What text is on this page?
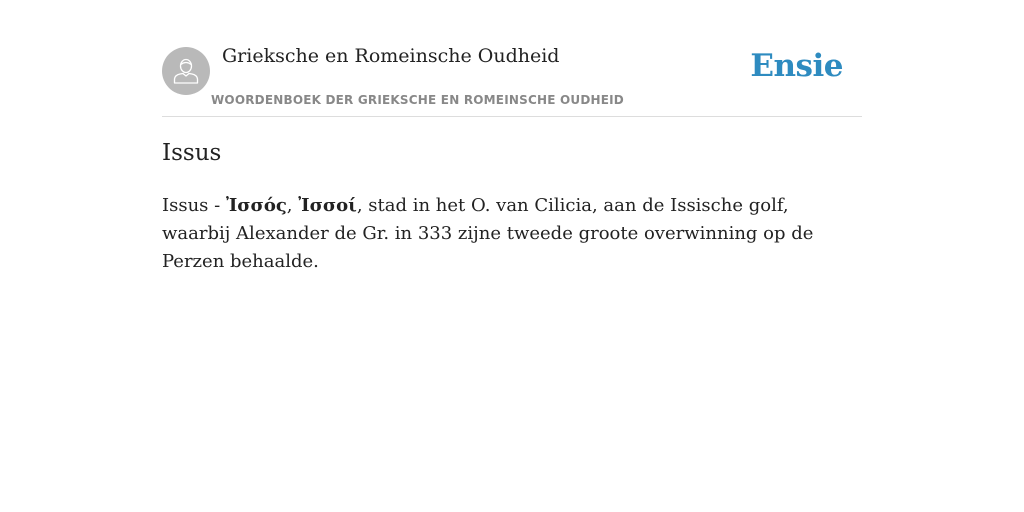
Grieksche en Romeinsche Oudheid
WOORDENBOEK DER GRIEKSCHE EN ROMEINSCHE OUDHEID
Ensie
Issus

Issus - Ἰσσός, Ἰσσοί, stad in het O. van Cilicia, aan de Issische golf, waarbij Alexander de Gr. in 333 zijne tweede groote overwinning op de Perzen behaalde.
